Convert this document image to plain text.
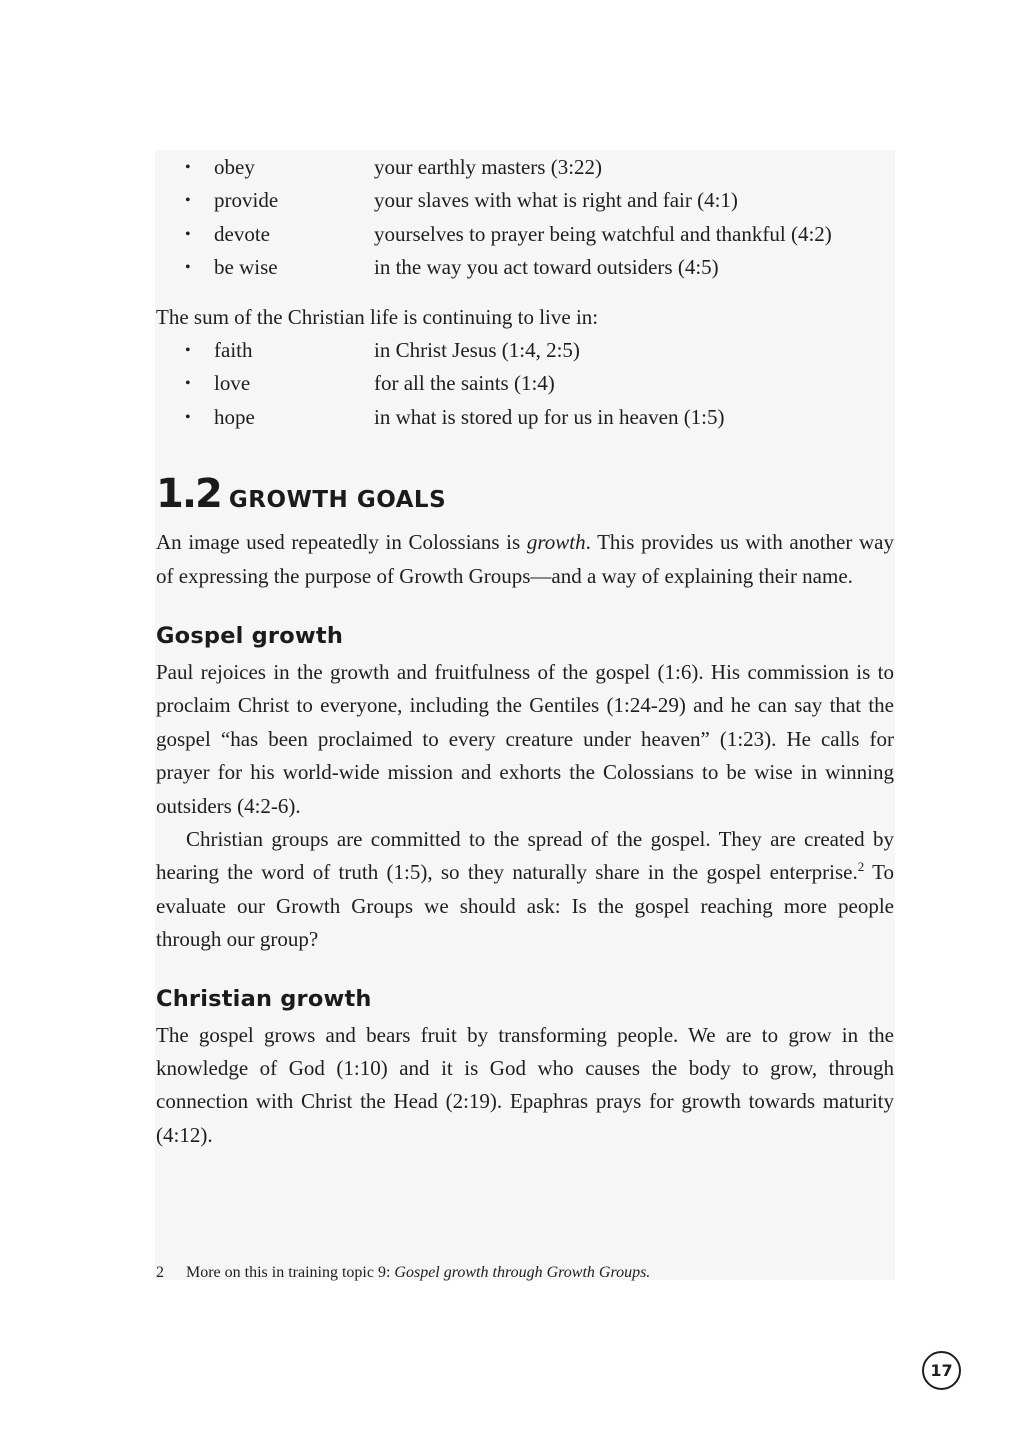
• obey	your earthly masters (3:22)
• provide	your slaves with what is right and fair (4:1)
• devote	yourselves to prayer being watchful and thankful (4:2)
• be wise	in the way you act toward outsiders (4:5)

The sum of the Christian life is continuing to live in:

• faith	in Christ Jesus (1:4, 2:5)
• love	for all the saints (1:4)
• hope	in what is stored up for us in heaven (1:5)
1.2 GROWTH GOALS

An image used repeatedly in Colossians is growth. This provides us with another way of expressing the purpose of Growth Groups—and a way of explaining their name.

Gospel growth

Paul rejoices in the growth and fruitfulness of the gospel (1:6). His commission is to proclaim Christ to everyone, including the Gentiles (1:24-29) and he can say that the gospel “has been proclaimed to every creature under heaven” (1:23). He calls for prayer for his world-wide mission and exhorts the Colossians to be wise in winning outsiders (4:2-6).

Christian groups are committed to the spread of the gospel. They are created by hearing the word of truth (1:5), so they naturally share in the gospel enterprise.$^2$ To evaluate our Growth Groups we should ask: Is the gospel reaching more people through our group?

Christian growth

The gospel grows and bears fruit by transforming people. We are to grow in the knowledge of God (1:10) and it is God who causes the body to grow, through connection with Christ the Head (2:19). Epaphras prays for growth towards maturity (4:12).

2 More on this in training topic 9: Gospel growth through Growth Groups.
17
